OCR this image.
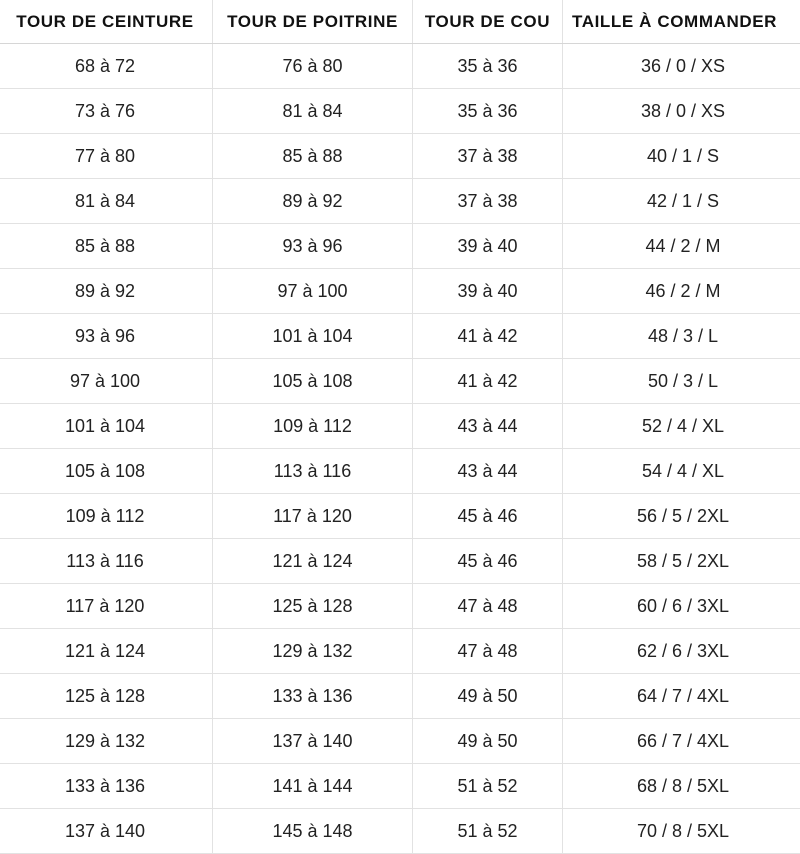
TOUR DE CEINTURE	TOUR DE POITRINE	TOUR DE COU	TAILLE À COMMANDER
68 à 72	76 à 80	35 à 36	36 / 0 / XS
73 à 76	81 à 84	35 à 36	38 / 0 / XS
77 à 80	85 à 88	37 à 38	40 / 1 / S
81 à 84	89 à 92	37 à 38	42 / 1 / S
85 à 88	93 à 96	39 à 40	44 / 2 / M
89 à 92	97 à 100	39 à 40	46 / 2 / M
93 à 96	101 à 104	41 à 42	48 / 3 / L
97 à 100	105 à 108	41 à 42	50 / 3 / L
101 à 104	109 à 112	43 à 44	52 / 4 / XL
105 à 108	113 à 116	43 à 44	54 / 4 / XL
109 à 112	117 à 120	45 à 46	56 / 5 / 2XL
113 à 116	121 à 124	45 à 46	58 / 5 / 2XL
117 à 120	125 à 128	47 à 48	60 / 6 / 3XL
121 à 124	129 à 132	47 à 48	62 / 6 / 3XL
125 à 128	133 à 136	49 à 50	64 / 7 / 4XL
129 à 132	137 à 140	49 à 50	66 / 7 / 4XL
133 à 136	141 à 144	51 à 52	68 / 8 / 5XL
137 à 140	145 à 148	51 à 52	70 / 8 / 5XL
